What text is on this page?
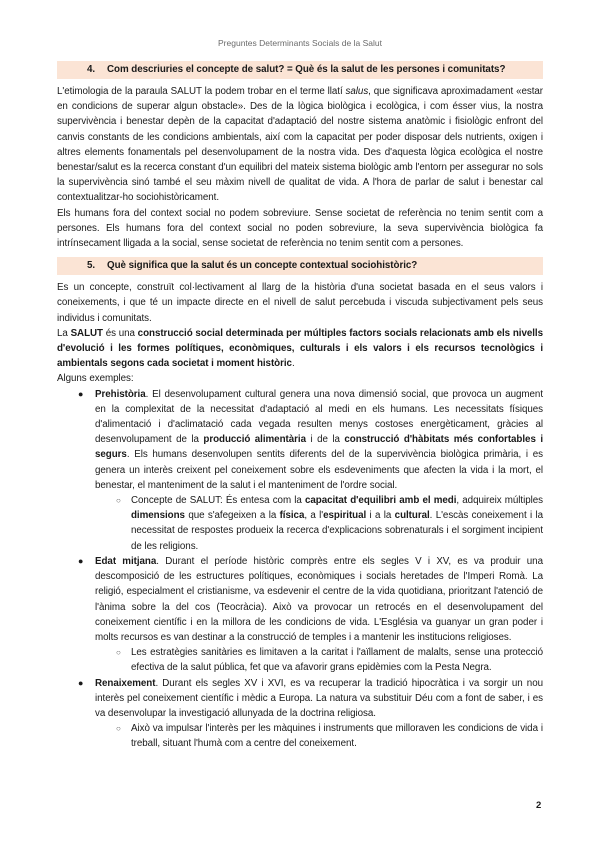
Preguntes Determinants Socials de la Salut
4. Com descriuries el concepte de salut? = Què és la salut de les persones i comunitats?
L'etimologia de la paraula SALUT la podem trobar en el terme llatí salus, que significava aproximadament «estar en condicions de superar algun obstacle». Des de la lògica biològica i ecològica, i com ésser vius, la nostra supervivència i benestar depèn de la capacitat d'adaptació del nostre sistema anatòmic i fisiològic enfront del canvis constants de les condicions ambientals, així com la capacitat per poder disposar dels nutrients, oxigen i altres elements fonamentals pel desenvolupament de la nostra vida. Des d'aquesta lògica ecològica el nostre benestar/salut es la recerca constant d'un equilibri del mateix sistema biològic amb l'entorn per assegurar no sols la supervivència sinó també el seu màxim nivell de qualitat de vida. A l'hora de parlar de salut i benestar cal contextualitzar-ho sociohistòricament.
Els humans fora del context social no podem sobreviure. Sense societat de referència no tenim sentit com a persones. Els humans fora del context social no poden sobreviure, la seva supervivència biològica fa intrínsecament lligada a la social, sense societat de referència no tenim sentit com a persones.
5. Què significa que la salut és un concepte contextual sociohistòric?
Es un concepte, construït col·lectivament al llarg de la història d'una societat basada en el seus valors i coneixements, i que té un impacte directe en el nivell de salut percebuda i viscuda subjectivament pels seus individus i comunitats.
La SALUT és una construcció social determinada per múltiples factors socials relacionats amb els nivells d'evolució i les formes polítiques, econòmiques, culturals i els valors i els recursos tecnològics i ambientals segons cada societat i moment històric.
Alguns exemples:
● Prehistòria. El desenvolupament cultural genera una nova dimensió social, que provoca un augment en la complexitat de la necessitat d'adaptació al medi en els humans. Les necessitats físiques d'alimentació i d'aclimatació cada vegada resulten menys costoses energèticament, gràcies al desenvolupament de la producció alimentària i de la construcció d'hàbitats més confortables i segurs. Els humans desenvolupen sentits diferents del de la supervivència biològica primària, i es genera un interès creixent pel coneixement sobre els esdeveniments que afecten la vida i la mort, el benestar, el manteniment de la salut i el manteniment de l'ordre social.
○ Concepte de SALUT: És entesa com la capacitat d'equilibri amb el medi, adquireix múltiples dimensions que s'afegeixen a la física, a l'espiritual i a la cultural. L'escàs coneixement i la necessitat de respostes produeix la recerca d'explicacions sobrenaturals i el sorgiment incipient de les religions.
● Edat mitjana. Durant el període històric comprès entre els segles V i XV, es va produir una descomposició de les estructures polítiques, econòmiques i socials heretades de l'Imperi Romà. La religió, especialment el cristianisme, va esdevenir el centre de la vida quotidiana, prioritzant l'atenció de l'ànima sobre la del cos (Teocràcia). Això va provocar un retrocés en el desenvolupament del coneixement científic i en la millora de les condicions de vida. L'Església va guanyar un gran poder i molts recursos es van destinar a la construcció de temples i a mantenir les institucions religioses.
○ Les estratègies sanitàries es limitaven a la caritat i l'aïllament de malalts, sense una protecció efectiva de la salut pública, fet que va afavorir grans epidèmies com la Pesta Negra.
● Renaixement. Durant els segles XV i XVI, es va recuperar la tradició hipocràtica i va sorgir un nou interès pel coneixement científic i mèdic a Europa. La natura va substituir Déu com a font de saber, i es va desenvolupar la investigació allunyada de la doctrina religiosa.
○ Això va impulsar l'interès per les màquines i instruments que milloraven les condicions de vida i treball, situant l'humà com a centre del coneixement.
2
